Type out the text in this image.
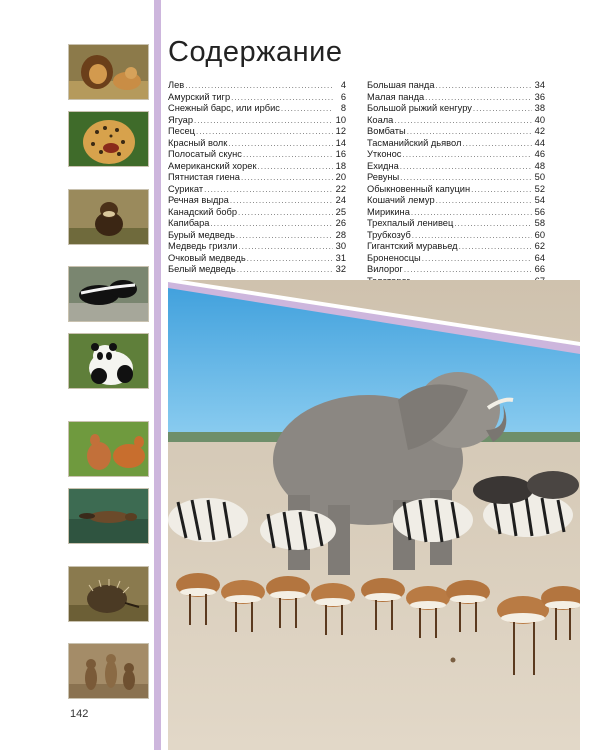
142
Содержание
Лев .....	4
Амурский тигр .....	6
Снежный барс, или ирбис .....	8
Ягуар .....	10
Песец .....	12
Красный волк .....	14
Полосатый скунс .....	16
Американский хорек .....	18
Пятнистая гиена .....	20
Сурикат .....	22
Речная выдра .....	24
Канадский бобр .....	25
Капибара .....	26
Бурый медведь .....	28
Медведь гризли .....	30
Очковый медведь .....	31
Белый медведь .....	32
Большая панда .....	34
Малая панда .....	36
Большой рыжий кенгуру .....	38
Коала .....	40
Вомбаты .....	42
Тасманийский дьявол .....	44
Утконос .....	46
Ехидна .....	48
Ревуны .....	50
Обыкновенный капуцин .....	52
Кошачий лемур .....	54
Мирикина .....	56
Трехпалый ленивец .....	58
Трубкозуб .....	60
Гигантский муравьед .....	62
Броненосцы .....	64
Вилорог .....	66
.....
.....
